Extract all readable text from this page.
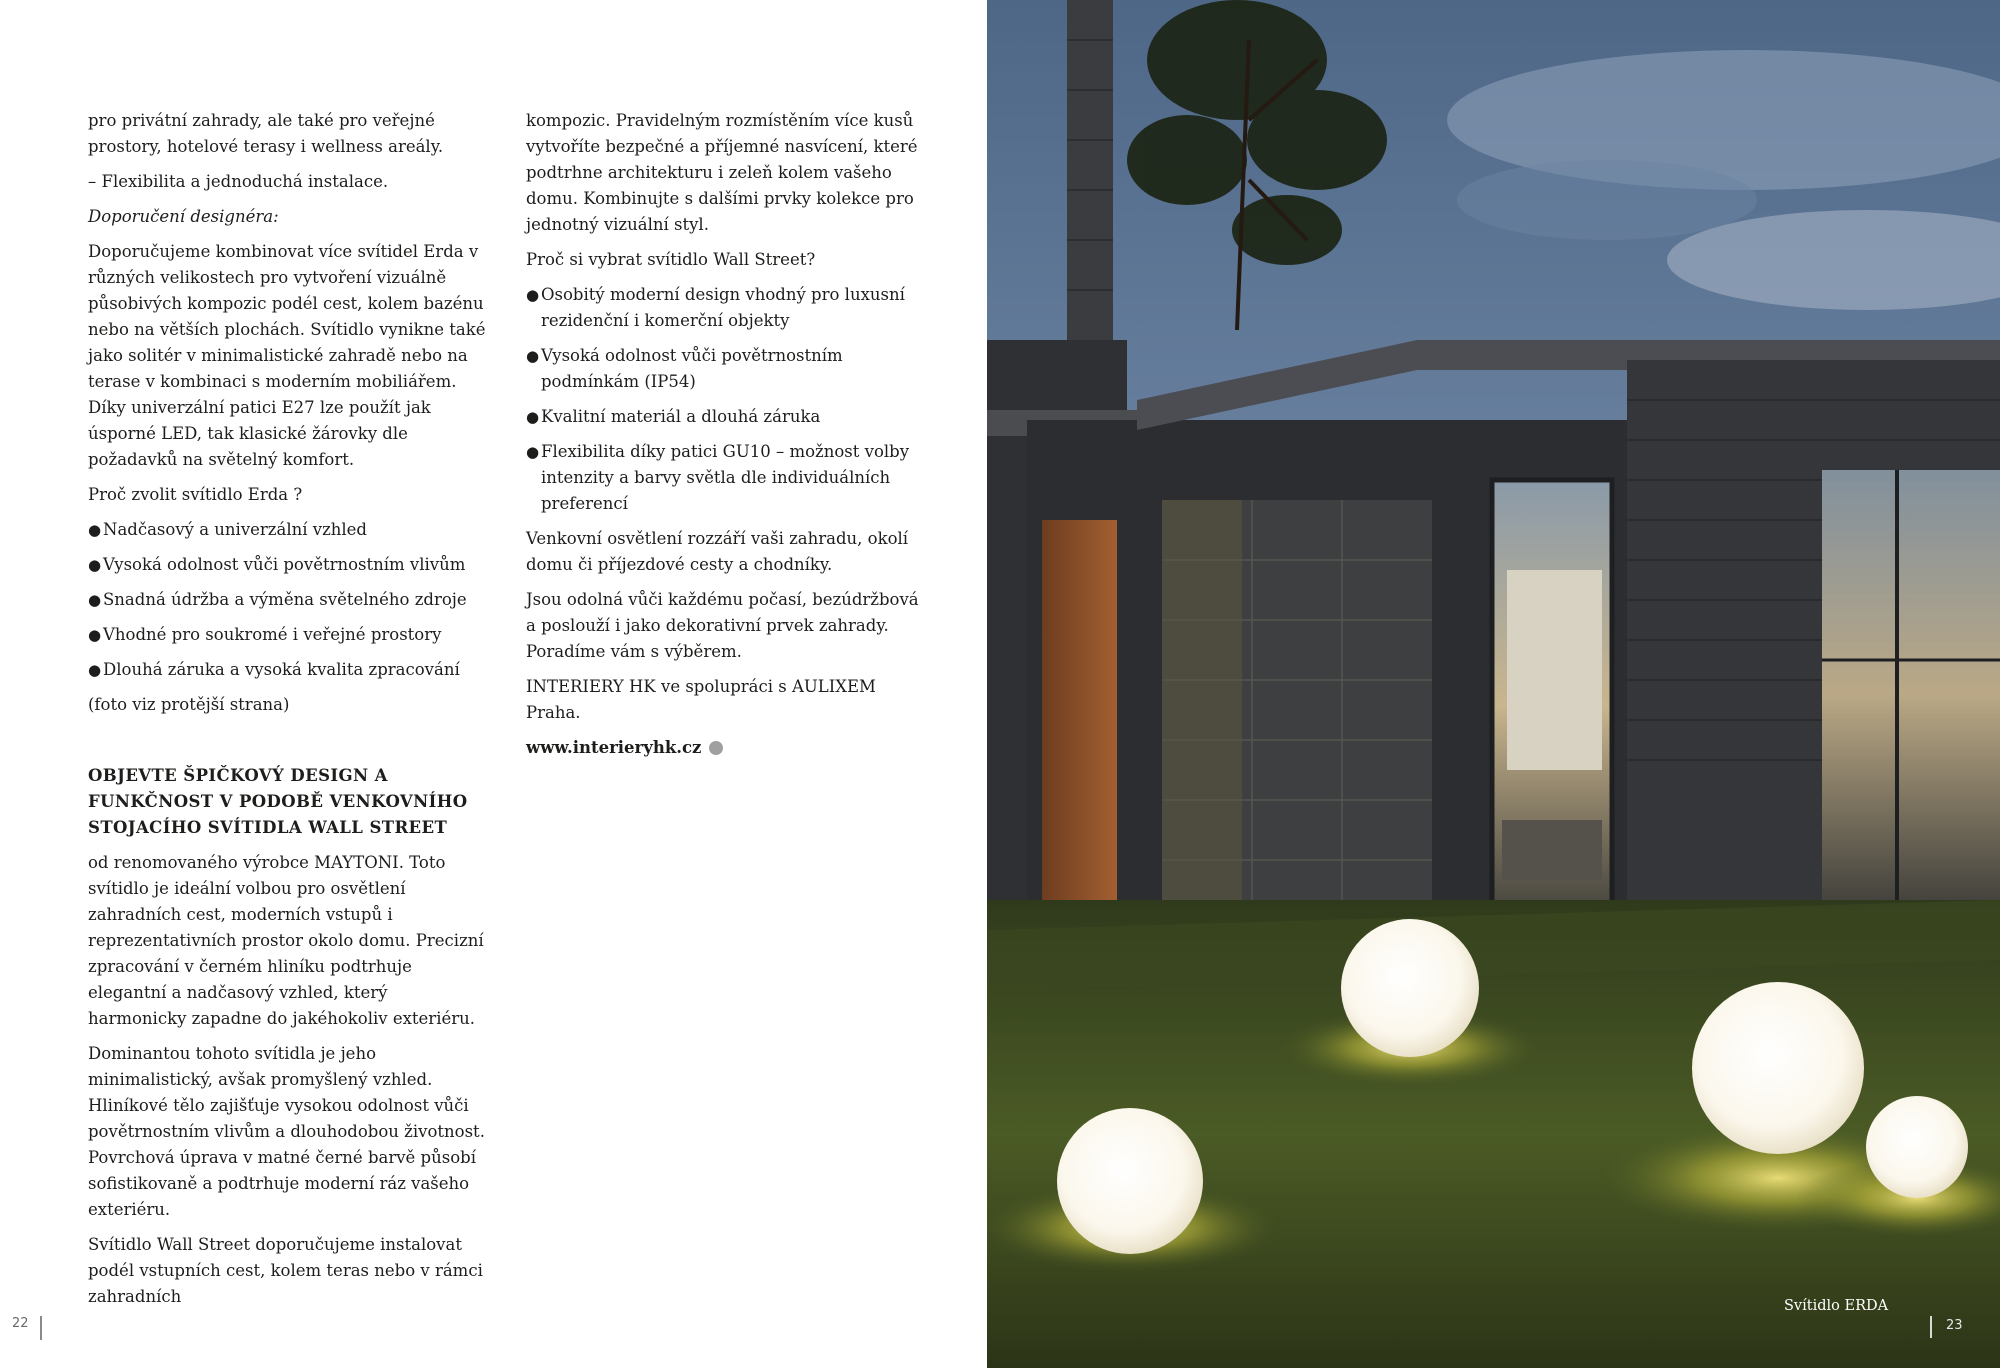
pro privátní zahrady, ale také pro veřejné prostory, hotelové terasy i wellness areály.
– Flexibilita a jednoduchá instalace.
Doporučení designéra:
Doporučujeme kombinovat více svítidel Erda v různých velikostech pro vytvoření vizuálně působivých kompozic podél cest, kolem bazénu nebo na větších plochách. Svítidlo vynikne také jako solitér v minimalistické zahradě nebo na terase v kombinaci s moderním mobiliářem. Díky univerzální patici E27 lze použít jak úsporné LED, tak klasické žárovky dle požadavků na světelný komfort.
Proč zvolit svítidlo Erda ?
● Nadčasový a univerzální vzhled
● Vysoká odolnost vůči povětrnostním vlivům
● Snadná údržba a výměna světelného zdroje
● Vhodné pro soukromé i veřejné prostory
● Dlouhá záruka a vysoká kvalita zpracování
(foto viz protější strana)
OBJEVTE ŠPIČKOVÝ DESIGN A FUNKČNOST V PODOBĚ VENKOVNÍHO STOJACÍHO SVÍTIDLA WALL STREET
od renomovaného výrobce MAYTONI. Toto svítidlo je ideální volbou pro osvětlení zahradních cest, moderních vstupů i reprezentativních prostor okolo domu. Precizní zpracování v černém hliníku podtrhuje elegantní a nadčasový vzhled, který harmonicky zapadne do jakéhokoliv exteriéru.
Dominantou tohoto svítidla je jeho minimalistický, avšak promyšlený vzhled. Hliníkové tělo zajišťuje vysokou odolnost vůči povětrnostním vlivům a dlouhodobou životnost. Povrchová úprava v matné černé barvě působí sofistikovaně a podtrhuje moderní ráz vašeho exteriéru.
Svítidlo Wall Street doporučujeme instalovat podél vstupních cest, kolem teras nebo v rámci zahradních
kompozic. Pravidelným rozmístěním více kusů vytvoříte bezpečné a příjemné nasvícení, které podtrhne architekturu i zeleň kolem vašeho domu. Kombinujte s dalšími prvky kolekce pro jednotný vizuální styl.
Proč si vybrat svítidlo Wall Street?
● Osobitý moderní design vhodný pro luxusní rezidenční i komerční objekty
● Vysoká odolnost vůči povětrnostním podmínkám (IP54)
● Kvalitní materiál a dlouhá záruka
● Flexibilita díky patici GU10 – možnost volby intenzity a barvy světla dle individuálních preferencí
Venkovní osvětlení rozzáří vaši zahradu, okolí domu či příjezdové cesty a chodníky.
Jsou odolná vůči každému počasí, bezúdržbová a poslouží i jako dekorativní prvek zahrady. Poradíme vám s výběrem.
INTERIERY HK ve spolupráci s AULIXEM Praha.
www.interieryhk.cz
22
Svítidlo ERDA
23
